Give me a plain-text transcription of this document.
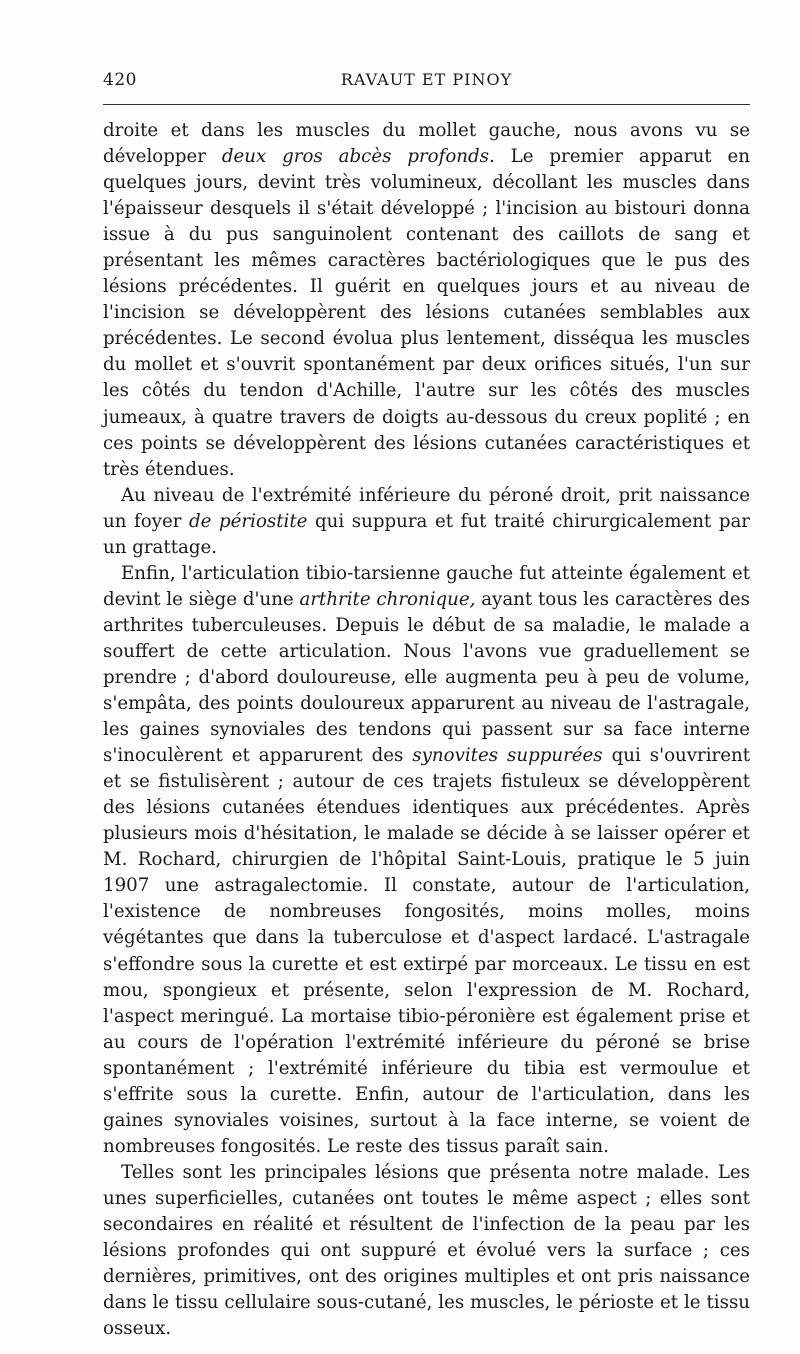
420	RAVAUT ET PINOY

droite et dans les muscles du mollet gauche, nous avons vu se développer deux gros abcès profonds. Le premier apparut en quelques jours, devint très volumineux, décollant les muscles dans l'épaisseur desquels il s'était développé ; l'incision au bistouri donna issue à du pus sanguinolent contenant des caillots de sang et présentant les mêmes caractères bactériologiques que le pus des lésions précédentes. Il guérit en quelques jours et au niveau de l'incision se développèrent des lésions cutanées semblables aux précédentes. Le second évolua plus lentement, disséqua les muscles du mollet et s'ouvrit spontanément par deux orifices situés, l'un sur les côtés du tendon d'Achille, l'autre sur les côtés des muscles jumeaux, à quatre travers de doigts au-dessous du creux poplité ; en ces points se développèrent des lésions cutanées caractéristiques et très étendues.

Au niveau de l'extrémité inférieure du péroné droit, prit naissance un foyer de périostite qui suppura et fut traité chirurgicalement par un grattage.

Enfin, l'articulation tibio-tarsienne gauche fut atteinte également et devint le siège d'une arthrite chronique, ayant tous les caractères des arthrites tuberculeuses. Depuis le début de sa maladie, le malade a souffert de cette articulation. Nous l'avons vue graduellement se prendre ; d'abord douloureuse, elle augmenta peu à peu de volume, s'empâta, des points douloureux apparurent au niveau de l'astragale, les gaines synoviales des tendons qui passent sur sa face interne s'inoculèrent et apparurent des synovites suppurées qui s'ouvrirent et se fistulisèrent ; autour de ces trajets fistuleux se développèrent des lésions cutanées étendues identiques aux précédentes. Après plusieurs mois d'hésitation, le malade se décide à se laisser opérer et M. Rochard, chirurgien de l'hôpital Saint-Louis, pratique le 5 juin 1907 une astragalectomie. Il constate, autour de l'articulation, l'existence de nombreuses fongosités, moins molles, moins végétantes que dans la tuberculose et d'aspect lardacé. L'astragale s'effondre sous la curette et est extirpé par morceaux. Le tissu en est mou, spongieux et présente, selon l'expression de M. Rochard, l'aspect meringué. La mortaise tibio-péronière est également prise et au cours de l'opération l'extrémité inférieure du péroné se brise spontanément ; l'extrémité inférieure du tibia est vermoulue et s'effrite sous la curette. Enfin, autour de l'articulation, dans les gaines synoviales voisines, surtout à la face interne, se voient de nombreuses fongosités. Le reste des tissus paraît sain.

Telles sont les principales lésions que présenta notre malade. Les unes superficielles, cutanées ont toutes le même aspect ; elles sont secondaires en réalité et résultent de l'infection de la peau par les lésions profondes qui ont suppuré et évolué vers la surface ; ces dernières, primitives, ont des origines multiples et ont pris naissance dans le tissu cellulaire sous-cutané, les muscles, le périoste et le tissu osseux.
